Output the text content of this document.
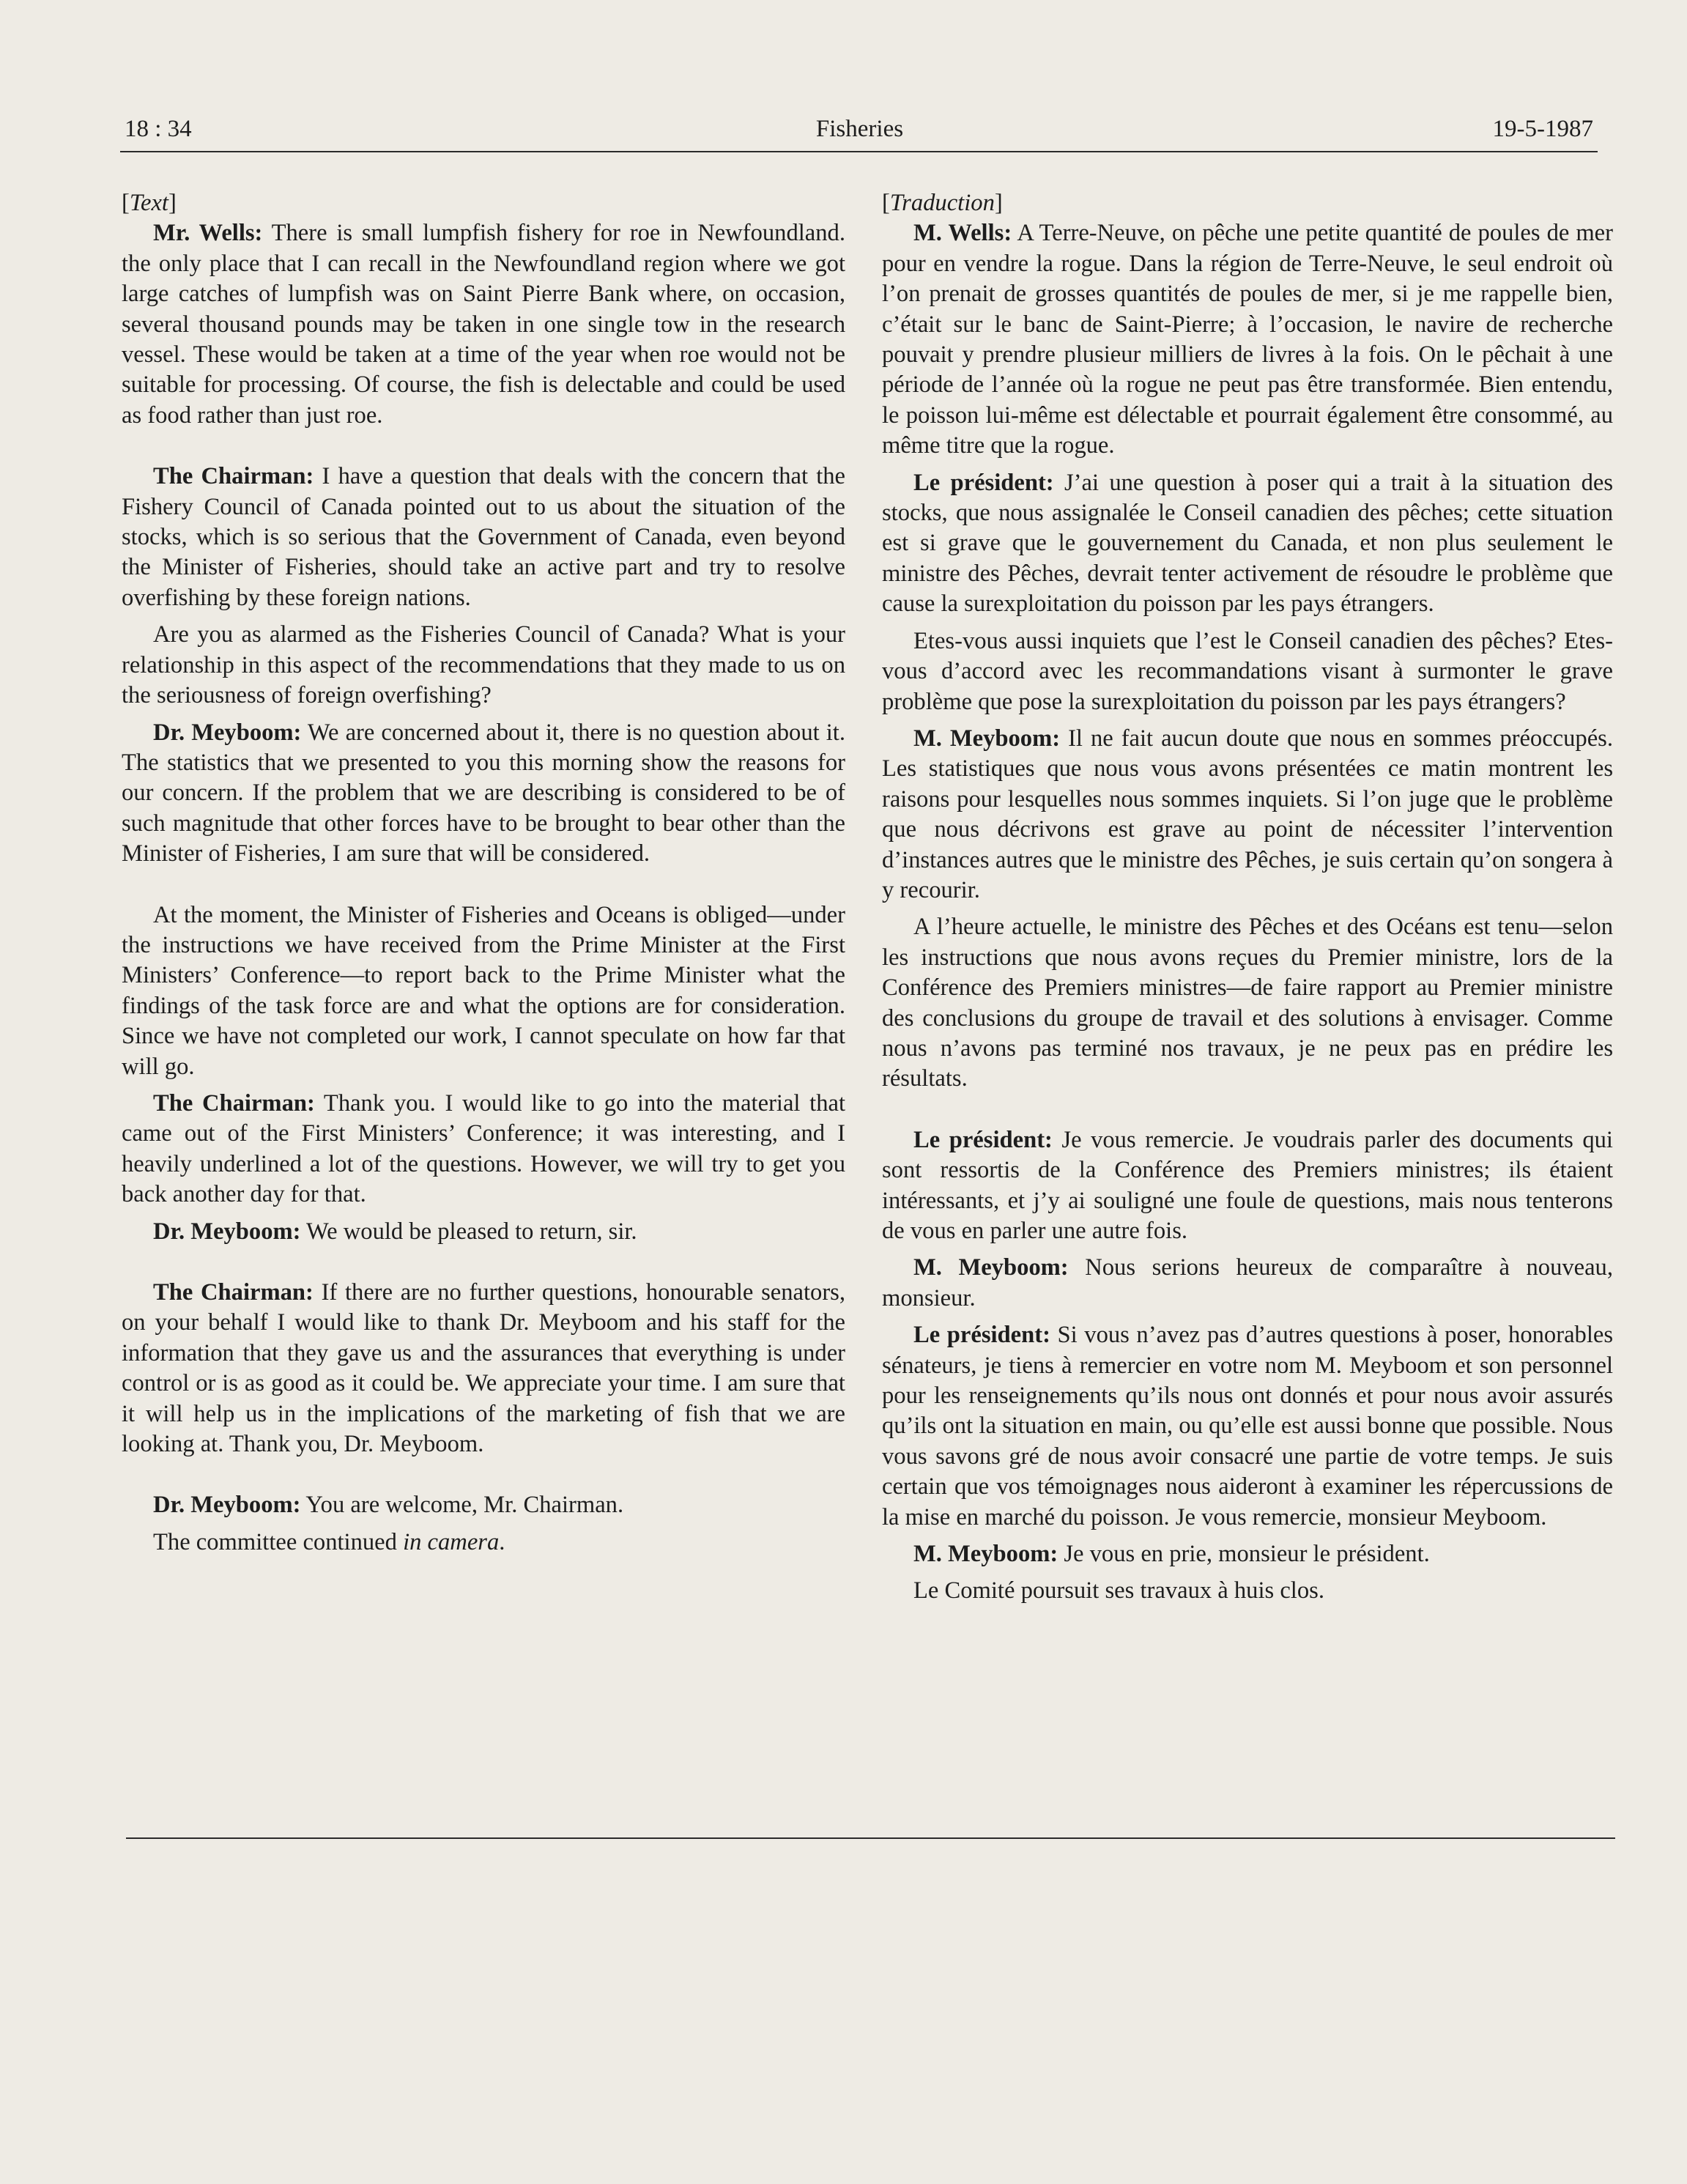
18 : 34	Fisheries	19-5-1987

[Text]

Mr. Wells: There is small lumpfish fishery for roe in Newfoundland. the only place that I can recall in the Newfoundland region where we got large catches of lumpfish was on Saint Pierre Bank where, on occasion, several thousand pounds may be taken in one single tow in the research vessel. These would be taken at a time of the year when roe would not be suitable for processing. Of course, the fish is delectable and could be used as food rather than just roe.

The Chairman: I have a question that deals with the concern that the Fishery Council of Canada pointed out to us about the situation of the stocks, which is so serious that the Government of Canada, even beyond the Minister of Fisheries, should take an active part and try to resolve overfishing by these foreign nations.

Are you as alarmed as the Fisheries Council of Canada? What is your relationship in this aspect of the recommendations that they made to us on the seriousness of foreign overfishing?

Dr. Meyboom: We are concerned about it, there is no question about it. The statistics that we presented to you this morning show the reasons for our concern. If the problem that we are describing is considered to be of such magnitude that other forces have to be brought to bear other than the Minister of Fisheries, I am sure that will be considered.

At the moment, the Minister of Fisheries and Oceans is obliged—under the instructions we have received from the Prime Minister at the First Ministers’ Conference—to report back to the Prime Minister what the findings of the task force are and what the options are for consideration. Since we have not completed our work, I cannot speculate on how far that will go.

The Chairman: Thank you. I would like to go into the material that came out of the First Ministers’ Conference; it was interesting, and I heavily underlined a lot of the questions. However, we will try to get you back another day for that.

Dr. Meyboom: We would be pleased to return, sir.

The Chairman: If there are no further questions, honourable senators, on your behalf I would like to thank Dr. Meyboom and his staff for the information that they gave us and the assurances that everything is under control or is as good as it could be. We appreciate your time. I am sure that it will help us in the implications of the marketing of fish that we are looking at. Thank you, Dr. Meyboom.

Dr. Meyboom: You are welcome, Mr. Chairman.

The committee continued in camera.

[Traduction]

M. Wells: A Terre-Neuve, on pêche une petite quantité de poules de mer pour en vendre la rogue. Dans la région de Terre-Neuve, le seul endroit où l’on prenait de grosses quantités de poules de mer, si je me rappelle bien, c’était sur le banc de Saint-Pierre; à l’occasion, le navire de recherche pouvait y prendre plusieur milliers de livres à la fois. On le pêchait à une période de l’année où la rogue ne peut pas être transformée. Bien entendu, le poisson lui-même est délectable et pourrait également être consommé, au même titre que la rogue.

Le président: J’ai une question à poser qui a trait à la situation des stocks, que nous assignalée le Conseil canadien des pêches; cette situation est si grave que le gouvernement du Canada, et non plus seulement le ministre des Pêches, devrait tenter activement de résoudre le problème que cause la surexploitation du poisson par les pays étrangers.

Etes-vous aussi inquiets que l’est le Conseil canadien des pêches? Etes-vous d’accord avec les recommandations visant à surmonter le grave problème que pose la surexploitation du poisson par les pays étrangers?

M. Meyboom: Il ne fait aucun doute que nous en sommes préoccupés. Les statistiques que nous vous avons présentées ce matin montrent les raisons pour lesquelles nous sommes inquiets. Si l’on juge que le problème que nous décrivons est grave au point de nécessiter l’intervention d’instances autres que le ministre des Pêches, je suis certain qu’on songera à y recourir.

A l’heure actuelle, le ministre des Pêches et des Océans est tenu—selon les instructions que nous avons reçues du Premier ministre, lors de la Conférence des Premiers ministres—de faire rapport au Premier ministre des conclusions du groupe de travail et des solutions à envisager. Comme nous n’avons pas terminé nos travaux, je ne peux pas en prédire les résultats.

Le président: Je vous remercie. Je voudrais parler des documents qui sont ressortis de la Conférence des Premiers ministres; ils étaient intéressants, et j’y ai souligné une foule de questions, mais nous tenterons de vous en parler une autre fois.

M. Meyboom: Nous serions heureux de comparaître à nouveau, monsieur.

Le président: Si vous n’avez pas d’autres questions à poser, honorables sénateurs, je tiens à remercier en votre nom M. Meyboom et son personnel pour les renseignements qu’ils nous ont donnés et pour nous avoir assurés qu’ils ont la situation en main, ou qu’elle est aussi bonne que possible. Nous vous savons gré de nous avoir consacré une partie de votre temps. Je suis certain que vos témoignages nous aideront à examiner les répercussions de la mise en marché du poisson. Je vous remercie, monsieur Meyboom.

M. Meyboom: Je vous en prie, monsieur le président.

Le Comité poursuit ses travaux à huis clos.
